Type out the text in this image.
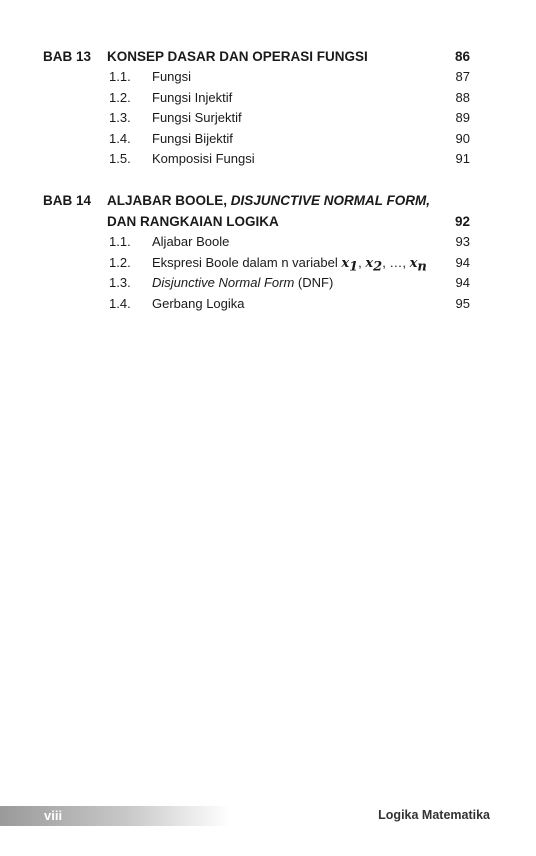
BAB 13 KONSEP DASAR DAN OPERASI FUNGSI	86
1.1. Fungsi	87
1.2. Fungsi Injektif	88
1.3. Fungsi Surjektif	89
1.4. Fungsi Bijektif	90
1.5. Komposisi Fungsi	91
BAB 14 ALJABAR BOOLE, DISJUNCTIVE NORMAL FORM,
DAN RANGKAIAN LOGIKA	92
1.1. Aljabar Boole	93
1.2. Ekspresi Boole dalam n variabel $x_1$, $x_2$, …, $x_n$ 94
1.3. Disjunctive Normal Form (DNF)	94
1.4. Gerbang Logika	95
viii	Logika Matematika
